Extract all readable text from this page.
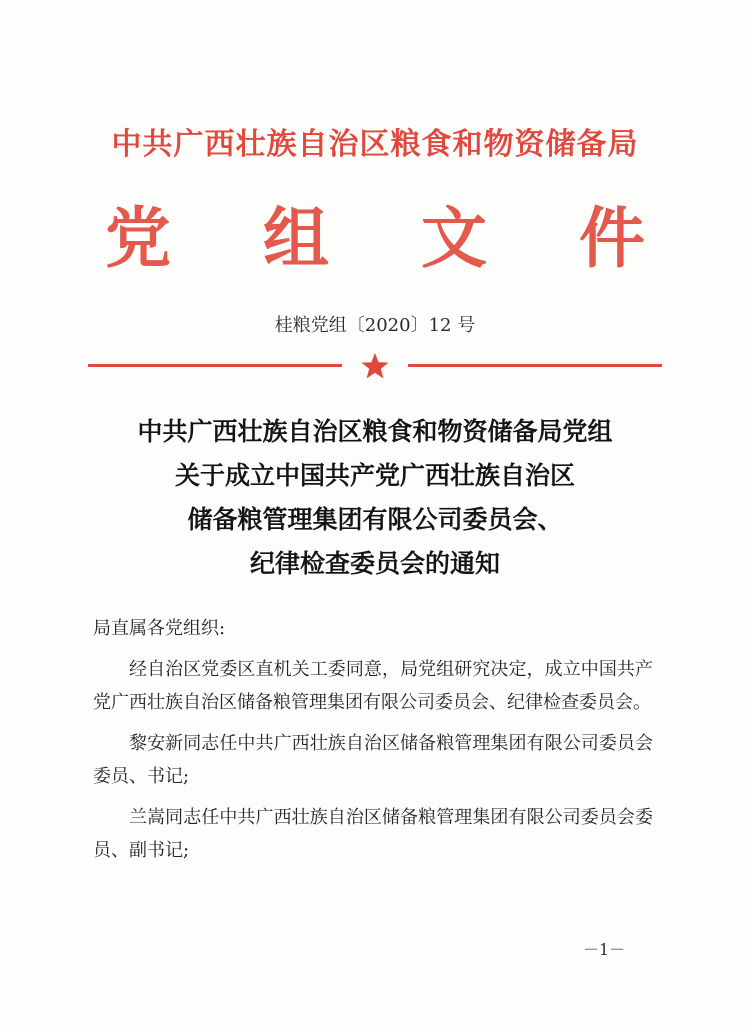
中共广西壮族自治区粮食和物资储备局
党 组 文 件
桂粮党组〔2020〕12 号
中共广西壮族自治区粮食和物资储备局党组
关于成立中国共产党广西壮族自治区
储备粮管理集团有限公司委员会、
纪律检查委员会的通知

局直属各党组织:

经自治区党委区直机关工委同意，局党组研究决定，成立中国共产党广西壮族自治区储备粮管理集团有限公司委员会、纪律检查委员会。

黎安新同志任中共广西壮族自治区储备粮管理集团有限公司委员会委员、书记;

兰嵩同志任中共广西壮族自治区储备粮管理集团有限公司委员会委员、副书记;

－1－
